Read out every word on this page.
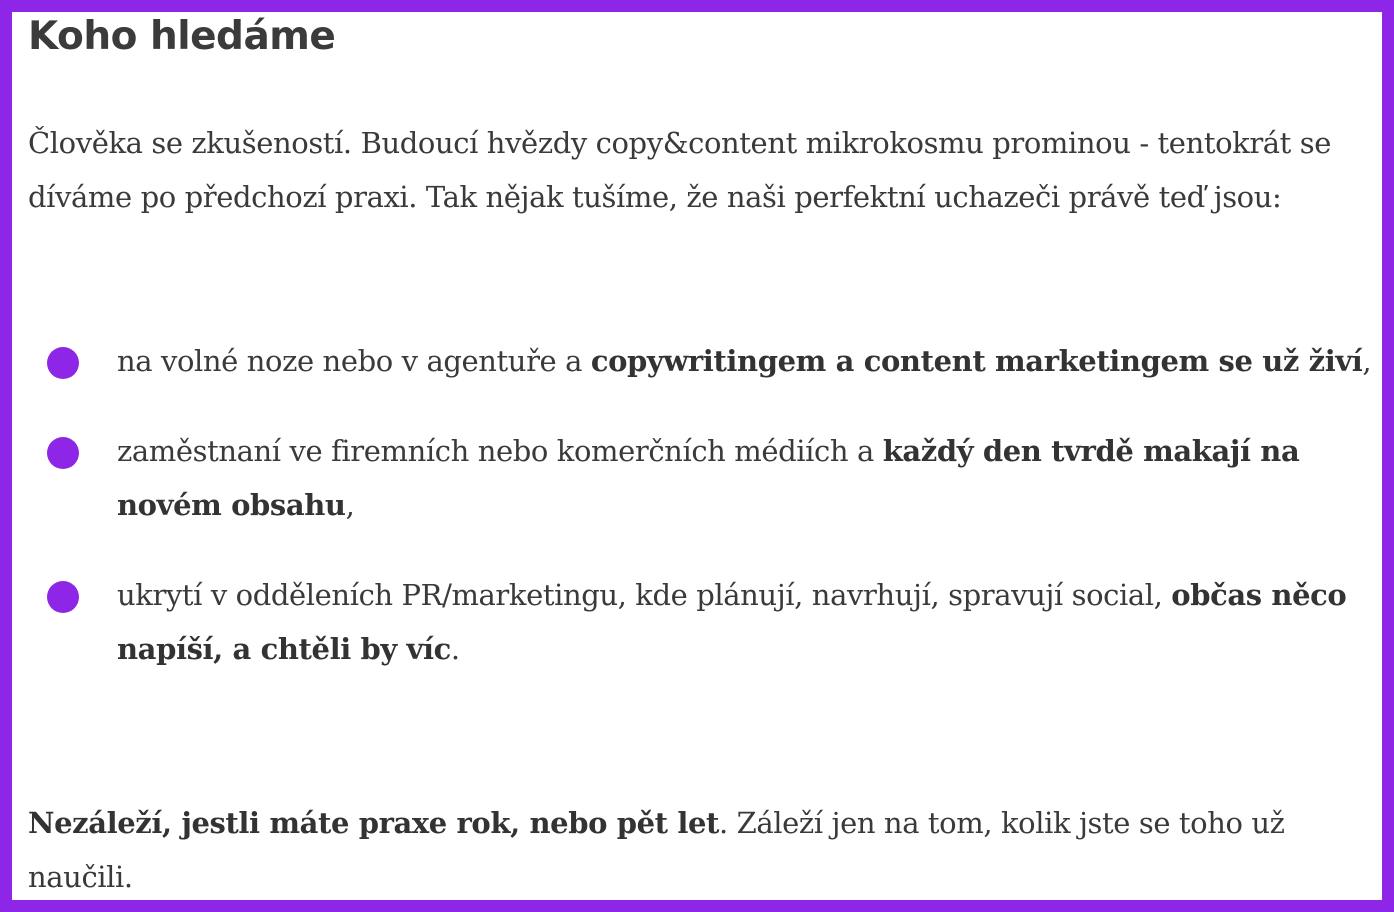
Koho hledáme

Člověka se zkušeností. Budoucí hvězdy copy&content mikrokosmu prominou - tentokrát se díváme po předchozí praxi. Tak nějak tušíme, že naši perfektní uchazeči právě teď jsou:

na volné noze nebo v agentuře a copywritingem a content marketingem se už živí,
zaměstnaní ve firemních nebo komerčních médiích a každý den tvrdě makají na novém obsahu,
ukrytí v odděleních PR/marketingu, kde plánují, navrhují, spravují social, občas něco napíší, a chtěli by víc.

Nezáleží, jestli máte praxe rok, nebo pět let. Záleží jen na tom, kolik jste se toho už naučili.
